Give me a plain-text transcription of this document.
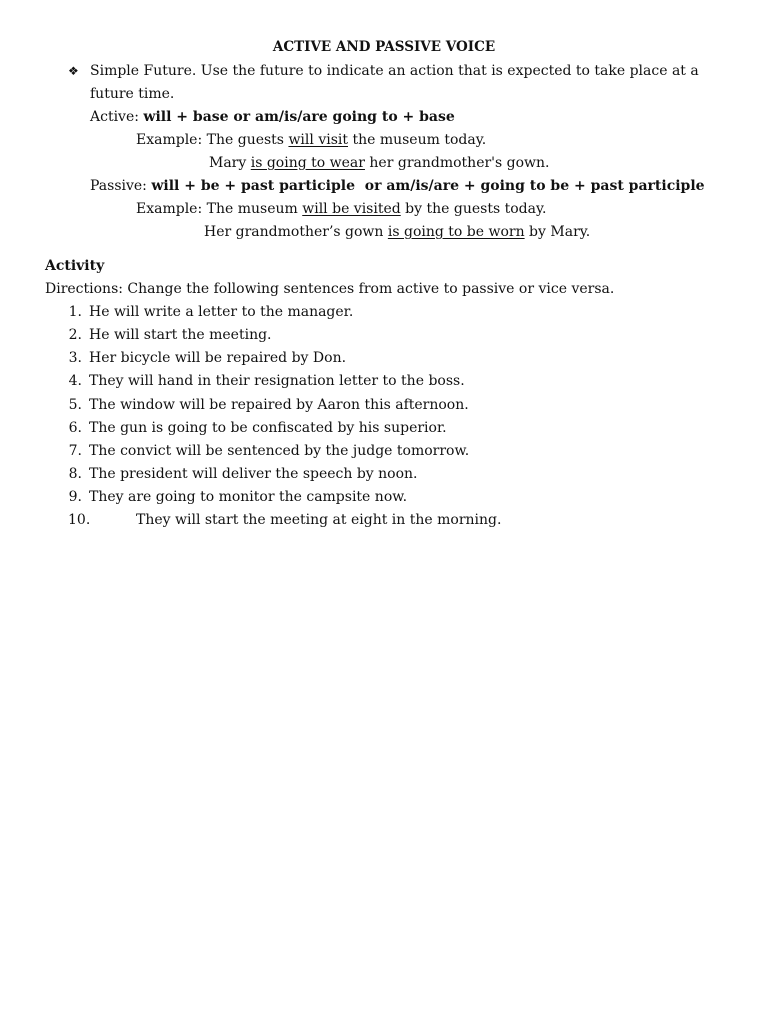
ACTIVE AND PASSIVE VOICE
❖ Simple Future. Use the future to indicate an action that is expected to take place at a
future time.
Active: will + base or am/is/are going to + base
Example: The guests will visit the museum today.
Mary is going to wear her grandmother's gown.
Passive: will + be + past participle  or am/is/are + going to be + past participle
Example: The museum will be visited by the guests today.
Her grandmother’s gown is going to be worn by Mary.
Activity
Directions: Change the following sentences from active to passive or vice versa.
1. He will write a letter to the manager.
2. He will start the meeting.
3. Her bicycle will be repaired by Don.
4. They will hand in their resignation letter to the boss.
5. The window will be repaired by Aaron this afternoon.
6. The gun is going to be confiscated by his superior.
7. The convict will be sentenced by the judge tomorrow.
8. The president will deliver the speech by noon.
9. They are going to monitor the campsite now.
10.	They will start the meeting at eight in the morning.
